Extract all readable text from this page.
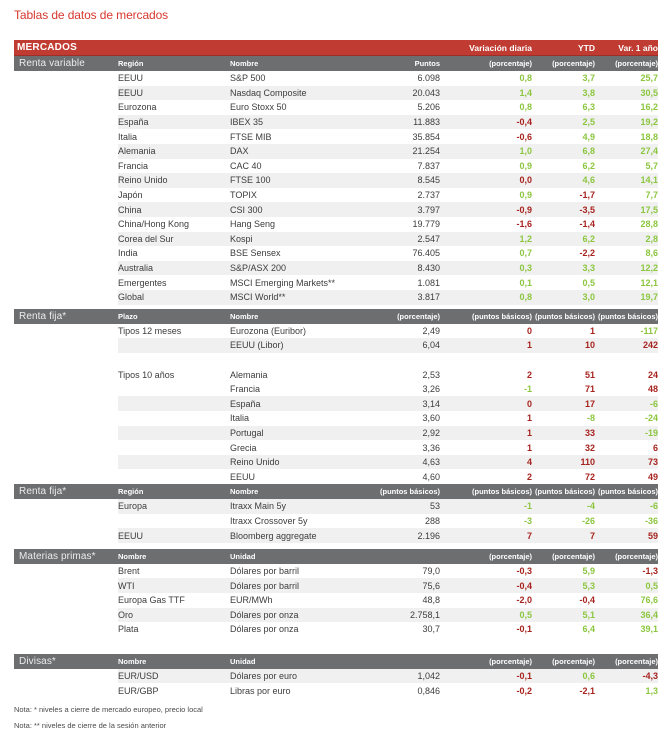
Tablas de datos de mercados
MERCADOS	Variación diaria	YTD	Var. 1 año
Renta variable	Región	Nombre	Puntos	(porcentaje)	(porcentaje)	(porcentaje)
EEUU	S&P 500	6.098	0,8	3,7	25,7
EEUU	Nasdaq Composite	20.043	1,4	3,8	30,5
Eurozona	Euro Stoxx 50	5.206	0,8	6,3	16,2
España	IBEX 35	11.883	-0,4	2,5	19,2
Italia	FTSE MIB	35.854	-0,6	4,9	18,8
Alemania	DAX	21.254	1,0	6,8	27,4
Francia	CAC 40	7.837	0,9	6,2	5,7
Reino Unido	FTSE 100	8.545	0,0	4,6	14,1
Japón	TOPIX	2.737	0,9	-1,7	7,7
China	CSI 300	3.797	-0,9	-3,5	17,5
China/Hong Kong	Hang Seng	19.779	-1,6	-1,4	28,8
Corea del Sur	Kospi	2.547	1,2	6,2	2,8
India	BSE Sensex	76.405	0,7	-2,2	8,6
Australia	S&P/ASX 200	8.430	0,3	3,3	12,2
Emergentes	MSCI Emerging Markets**	1.081	0,1	0,5	12,1
Global	MSCI World**	3.817	0,8	3,0	19,7
Renta fija*	Plazo	Nombre	(porcentaje)	(puntos básicos) (puntos básicos) (puntos básicos)
Tipos 12 meses	Eurozona (Euribor)	2,49	0	1	-117
EEUU (Libor)	6,04	1	10	242
Tipos 10 años	Alemania	2,53	2	51	24
Francia	3,26	-1	71	48
España	3,14	0	17	-6
Italia	3,60	1	-8	-24
Portugal	2,92	1	33	-19
Grecia	3,36	1	32	6
Reino Unido	4,63	4	110	73
EEUU	4,60	2	72	49
Renta fija*	Región	Nombre	(puntos básicos)	(puntos básicos) (puntos básicos) (puntos básicos)
Europa	Itraxx Main 5y	53	-1	-4	-6
Itraxx Crossover 5y	288	-3	-26	-36
EEUU	Bloomberg aggregate	2.196	7	7	59
Materias primas*	Nombre	Unidad	(porcentaje)	(porcentaje)	(porcentaje)
Brent	Dólares por barril	79,0	-0,3	5,9	-1,3
WTI	Dólares por barril	75,6	-0,4	5,3	0,5
Europa Gas TTF	EUR/MWh	48,8	-2,0	-0,4	76,6
Oro	Dólares por onza	2.758,1	0,5	5,1	36,4
Plata	Dólares por onza	30,7	-0,1	6,4	39,1
Divisas*	Nombre	Unidad	(porcentaje)	(porcentaje)	(porcentaje)
EUR/USD	Dólares por euro	1,042	-0,1	0,6	-4,3
EUR/GBP	Libras por euro	0,846	-0,2	-2,1	1,3
Nota: * niveles a cierre de mercado europeo, precio local
Nota: ** niveles de cierre de la sesión anterior
